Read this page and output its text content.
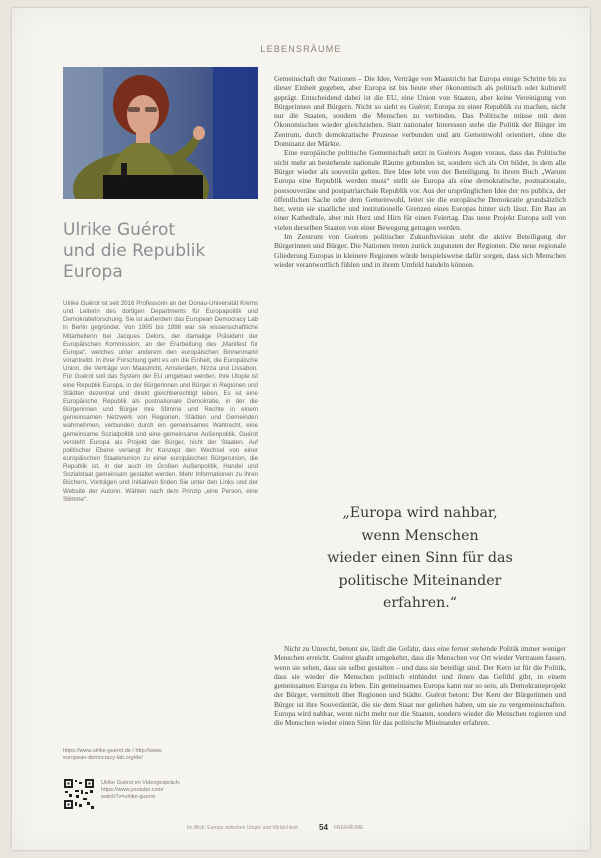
LEBENSRÄUME
Ulrike Guérot
und die Republik
Europa

Ulrike Guérot ist seit 2016 Professorin an der Donau-Universität Krems und Leiterin des dortigen Departments für Europapolitik und Demokratieforschung. Sie ist außerdem das European Democracy Lab in Berlin gegründet. Von 1995 bis 1998 war sie wissenschaftliche Mitarbeiterin bei Jacques Delors, der damalige Präsident der Europäischen Kommission, an der Erarbeitung des „Manifest für Europa“, welches unter anderem den europäischen Binnenmarkt vorantreibt. In ihrer Forschung geht es um die Einheit, die Europäische Union, die Verträge von Maastricht, Amsterdam, Nizza und Lissabon. Für Guérot soll das System der EU umgebaut werden. Ihre Utopie ist eine Republik Europa, in der Bürgerinnen und Bürger in Regionen und Städten dezentral und direkt gleichberechtigt leben. Es ist eine Europäische Republik als postnationale Demokratie, in der die Bürgerinnen und Bürger ihre Stimme und Rechte in einem gemeinsamen Netzwerk von Regionen, Städten und Gemeinden wahrnehmen, verbunden durch ein gemeinsames Wahlrecht, eine gemeinsame Sozialpolitik und eine gemeinsame Außenpolitik. Guérot versteht Europa als Projekt der Bürger, nicht der Staaten. Auf politischer Ebene verlangt ihr Konzept den Wechsel von einer europäischen Staatenunion zu einer europäischen Bürgerunion, die Republik ist, in der auch im Großen Außenpolitik, Handel und Sozialstaat gemeinsam gestaltet werden. Mehr Informationen zu ihren Büchern, Vorträgen und Initiativen finden Sie unter den Links und der Website der Autorin. Wählen nach dem Prinzip „eine Person, eine Stimme“.

https://www.ulrike-guerot.de / http://www.
european-democracy-lab.org/de/
Ulrike Guérot im Videogespräch:
https://www.youtube.com/
watch?v=ulrike-guerot

Gemeinschaft der Nationen – Die Idee, Verträge von Maastricht hat Europa einige Schritte bis zu dieser Einheit gegeben, aber Europa ist bis heute eher ökonomisch als politisch oder kulturell geprägt. Entscheidend dabei ist die EU, eine Union von Staaten, aber keine Vereinigung von Bürgerinnen und Bürgern. Nicht so sieht es Guérot; Europa zu einer Republik zu machen, nicht nur die Staaten, sondern die Menschen zu verbinden. Das Politische müsse mit dem Ökonomischen wieder gleichziehen. Statt nationaler Interessen stehe die Politik der Bürger im Zentrum, durch demokratische Prozesse verbunden und am Gemeinwohl orientiert, ohne die Dominanz der Märkte.

Eine europäische politische Gemeinschaft setzt in Guérots Augen voraus, dass das Politische nicht mehr an bestehende nationale Räume gebunden ist, sondern sich als Ort bildet, in dem alle Bürger wieder als souverän gelten. Ihre Idee lebt von der Beteiligung. In ihrem Buch „Warum Europa eine Republik werden muss“ stellt sie Europa als eine demokratische, postnationale, postsouveräne und postpatriarchale Republik vor. Aus der ursprünglichen Idee der res publica, der öffentlichen Sache oder dem Gemeinwohl, leitet sie die europäische Demokratie grundsätzlich her, wenn sie staatliche und institutionelle Grenzen eines Europas hinter sich lässt. Ein Bau an einer Kathedrale, aber mit Herz und Hirn für einen Feiertag. Das neue Projekt Europa soll von vielen derselben Staaten von einer Bewegung getragen werden.

Im Zentrum von Guérots politischer Zukunftsvision steht die aktive Beteiligung der Bürgerinnen und Bürger. Die Nationen treten zurück zugunsten der Regionen. Die neue regionale Gliederung Europas in kleinere Regionen würde beispielsweise dafür sorgen, dass sich Menschen wieder verantwortlich fühlen und in ihrem Umfeld handeln können.

„Europa wird nahbar,
wenn Menschen
wieder einen Sinn für das
politische Miteinander
erfahren.“

Nicht zu Unrecht, betont sie, läuft die Gefahr, dass eine ferner stehende Politik immer weniger Menschen erreicht. Guérot glaubt umgekehrt, dass die Menschen vor Ort wieder Vertrauen fassen, wenn sie sehen, dass sie selbst gestalten – und dass sie beteiligt sind. Der Kern ist für die Politik, dass sie wieder die Menschen politisch einbindet und ihnen das Gefühl gibt, in einem gemeinsamen Europa zu leben. Ein gemeinsames Europa kann nur so sein, als Demokratieprojekt der Bürger, vermittelt über Regionen und Städte. Guérot betont: Der Kern der Bürgerinnen und Bürger ist ihre Souveränität, die sie dem Staat nur geliehen haben, um sie zu vergemeinschaften. Europa wird nahbar, wenn nicht mehr nur die Staaten, sondern wieder die Menschen regieren und die Menschen wieder einen Sinn für das politische Miteinander erfahren.

Im Blick: Europa zwischen Utopie und Wirklichkeit	54 FREIRÄUME
